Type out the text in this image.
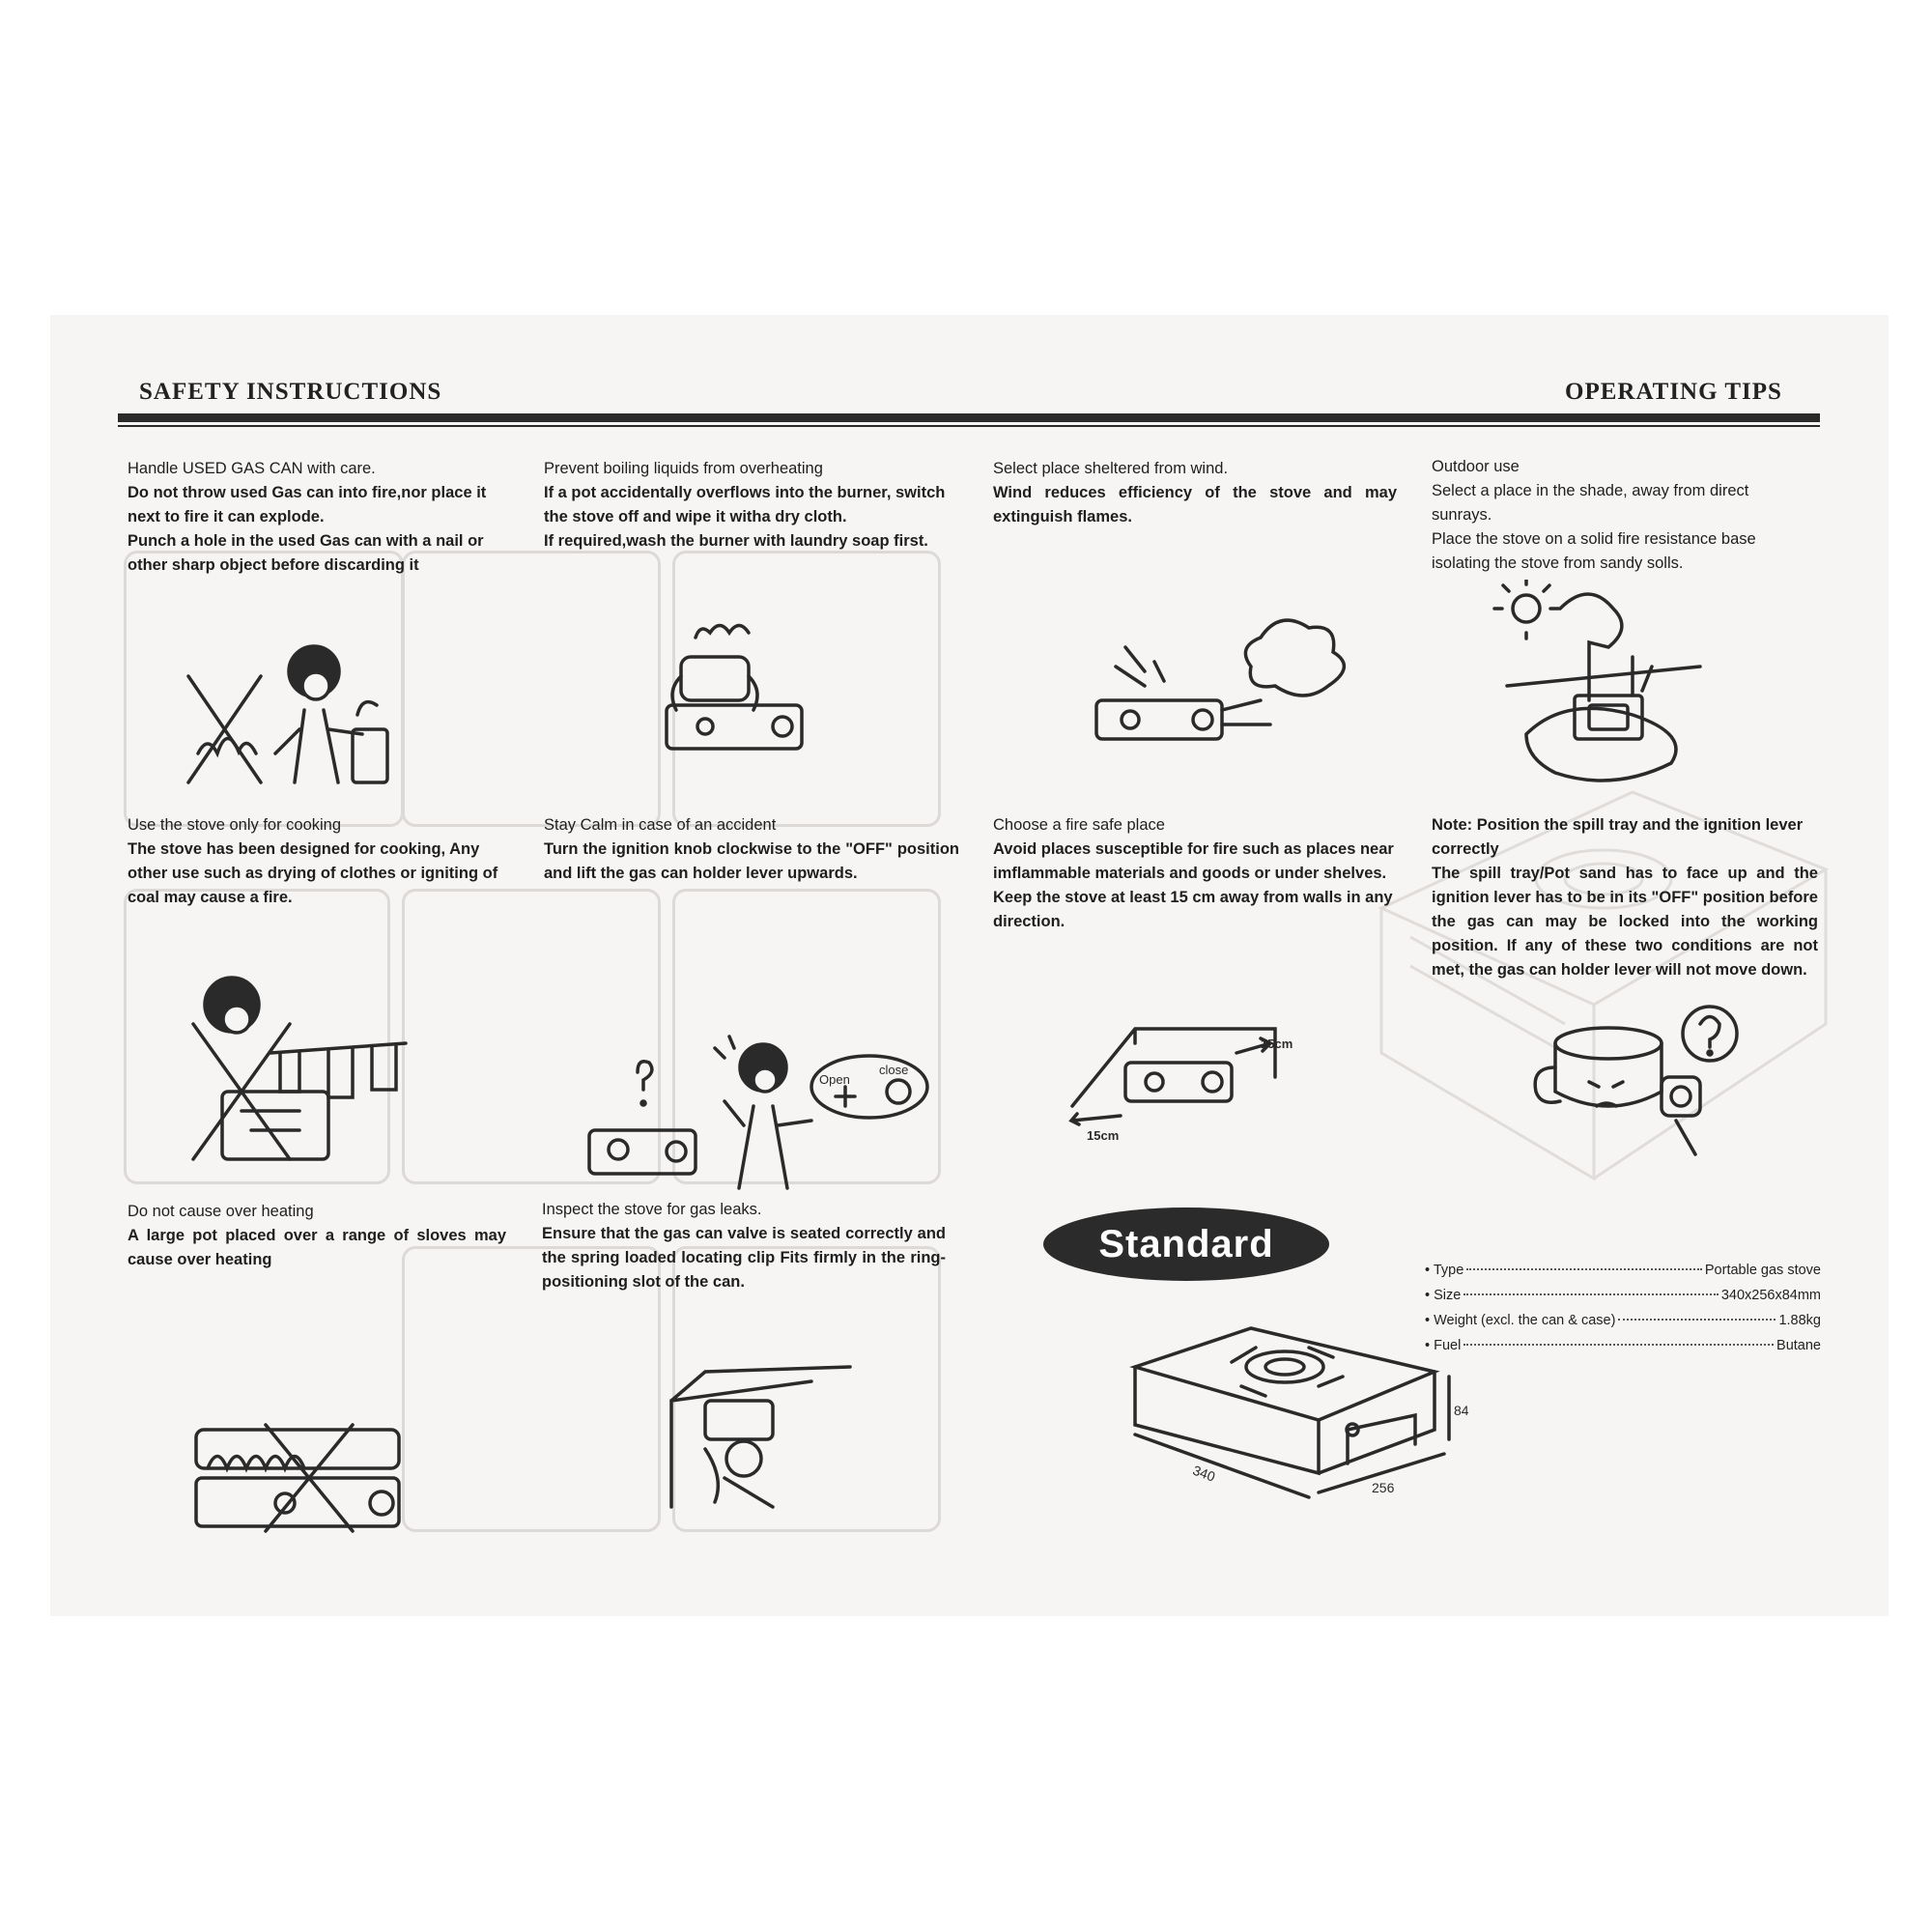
SAFETY INSTRUCTIONS	OPERATING TIPS
Handle USED GAS CAN with care.
Do not throw used Gas can into fire,nor place it next to fire it can explode.
Punch a hole in the used Gas can with a nail or other sharp object before discarding it
Use the stove only for cooking
The stove has been designed for cooking, Any other use such as drying of clothes or igniting of coal may cause a fire.
Do not cause over heating
A large pot placed over a range of sloves may cause over heating
Prevent boiling liquids from overheating
If a pot accidentally overflows into the burner, switch the stove off and wipe it witha dry cloth.
If required,wash the burner with laundry soap first.
Stay Calm in case of an accident
Turn the ignition knob clockwise to the "OFF" position and lift the gas can holder lever upwards.
Open
close
Inspect the stove for gas leaks.
Ensure that the gas can valve is seated correctly and the spring loaded locating clip Fits firmly in the ring-positioning slot of the can.
Select place sheltered from wind.
Wind reduces efficiency of the stove and may extinguish flames.
Choose a fire safe place
Avoid places susceptible for fire such as places near imflammable materials and goods or under shelves.
Keep the stove at least 15 cm away from walls in any direction.
15cm
15cm
Standard
340
256
84
Outdoor use
Select a place in the shade, away from direct sunrays.
Place the stove on a solid fire resistance base isolating the stove from sandy solls.
Note: Position the spill tray and the ignition lever correctly
The spill tray/Pot sand has to face up and the ignition lever has to be in its "OFF" position before the gas can may be locked into the working position. If any of these two conditions are not met, the gas can holder lever will not move down.
• Type	Portable gas stove
• Size	340x256x84mm
• Weight (excl. the can & case)	1.88kg
• Fuel	Butane
